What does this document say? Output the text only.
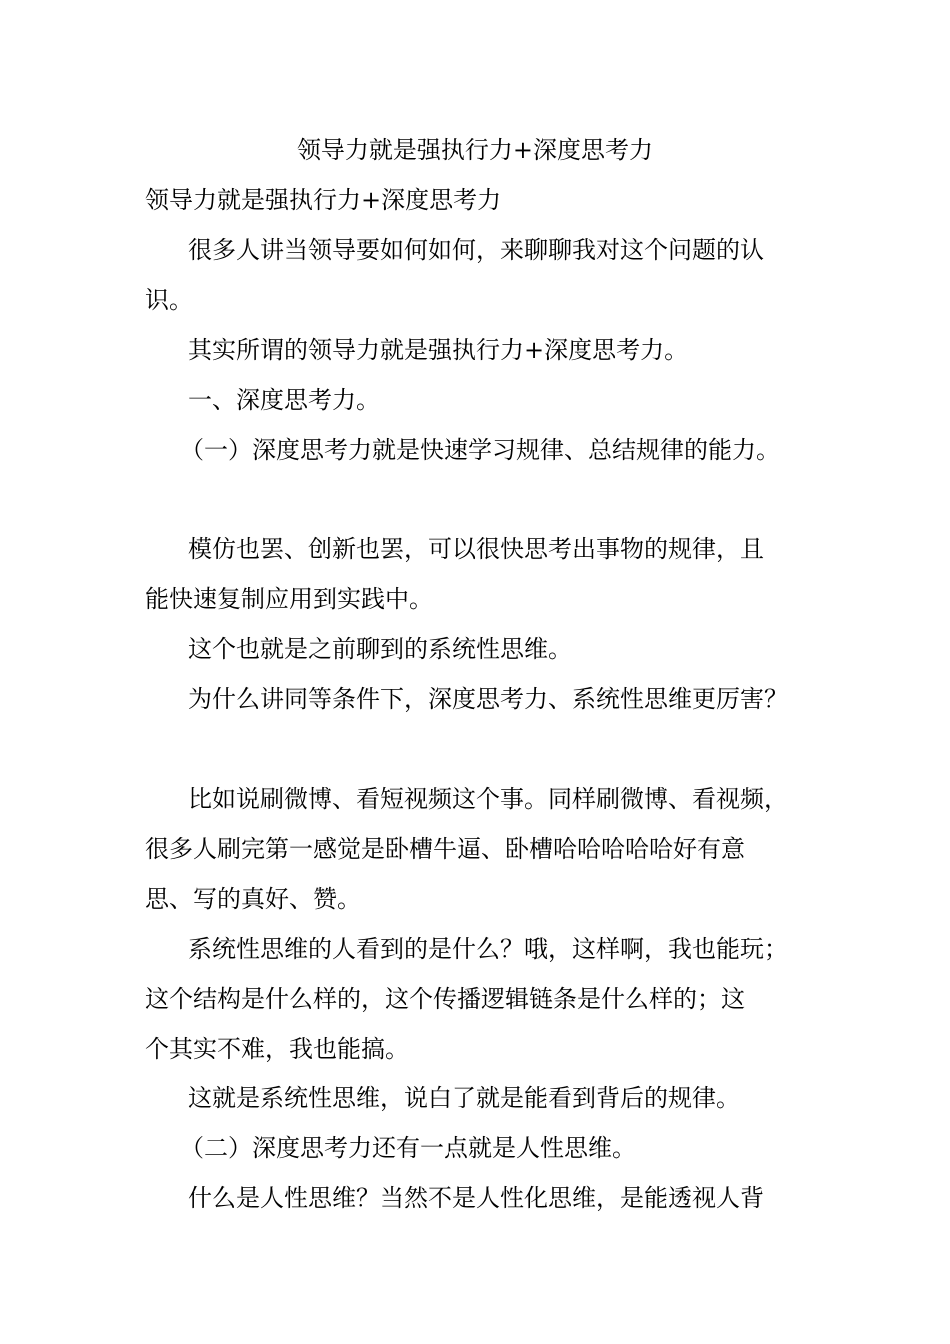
领导力就是强执行力+深度思考力
领导力就是强执行力+深度思考力
很多人讲当领导要如何如何，来聊聊我对这个问题的认
识。
其实所谓的领导力就是强执行力+深度思考力。
一、深度思考力。
（一）深度思考力就是快速学习规律、总结规律的能力。
模仿也罢、创新也罢，可以很快思考出事物的规律，且
能快速复制应用到实践中。
这个也就是之前聊到的系统性思维。
为什么讲同等条件下，深度思考力、系统性思维更厉害？
比如说刷微博、看短视频这个事。同样刷微博、看视频，
很多人刷完第一感觉是卧槽牛逼、卧槽哈哈哈哈哈好有意
思、写的真好、赞。
系统性思维的人看到的是什么？哦，这样啊，我也能玩；
这个结构是什么样的，这个传播逻辑链条是什么样的；这
个其实不难，我也能搞。
这就是系统性思维，说白了就是能看到背后的规律。
（二）深度思考力还有一点就是人性思维。
什么是人性思维？当然不是人性化思维，是能透视人背
